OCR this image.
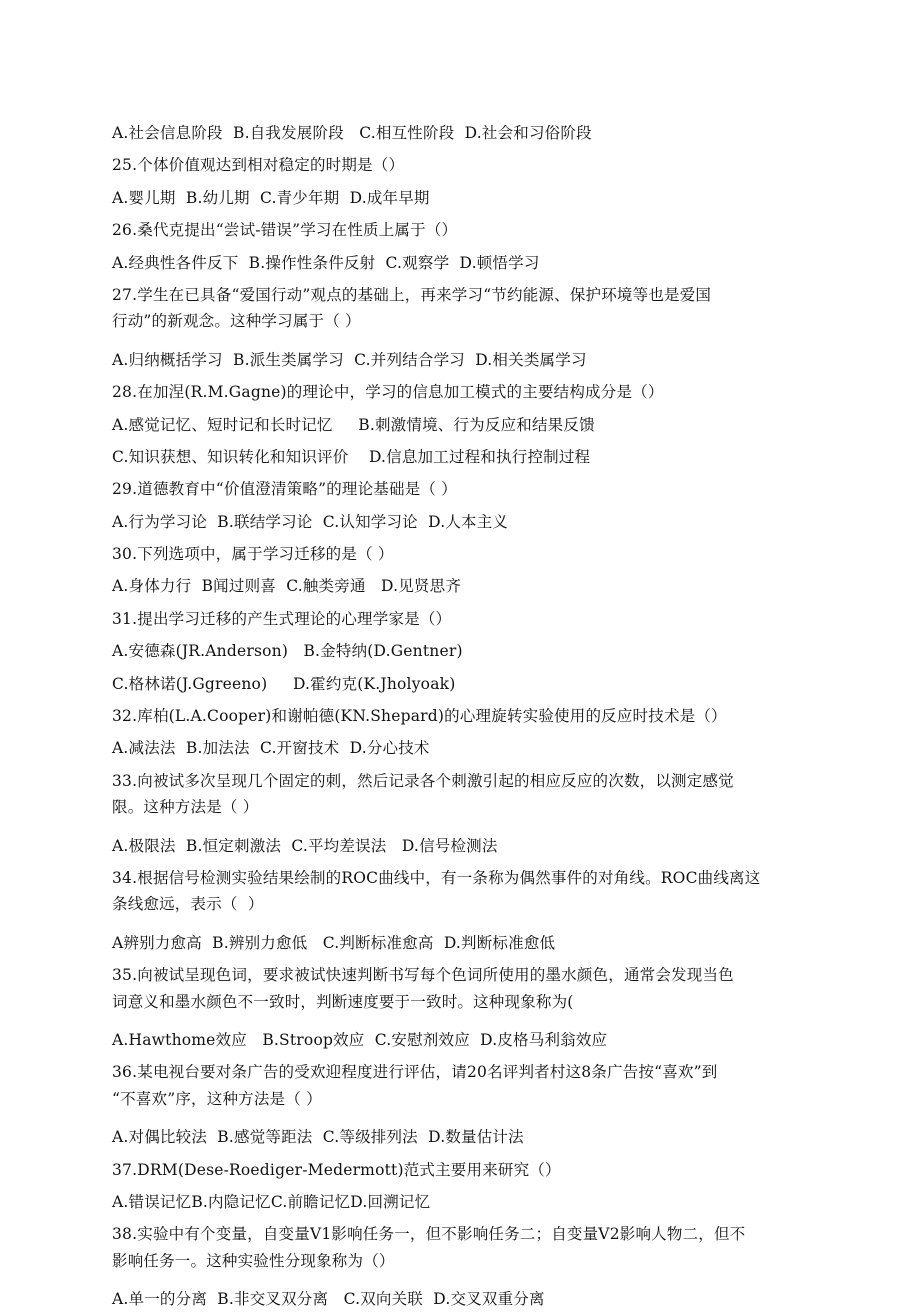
A.社会信息阶段  B.自我发展阶段   C.相互性阶段  D.社会和习俗阶段
25.个体价值观达到相对稳定的时期是（）
A.婴儿期  B.幼儿期  C.青少年期  D.成年早期
26.桑代克提出“尝试-错误”学习在性质上属于（）
A.经典性各件反下  B.操作性条件反射  C.观察学  D.顿悟学习
27.学生在已具备“爱国行动”观点的基础上，再来学习“节约能源、保护环境等也是爱国
行动”的新观念。这种学习属于（ ）
A.归纳概括学习  B.派生类属学习  C.并列结合学习  D.相关类属学习
28.在加涅(R.M.Gagne)的理论中，学习的信息加工模式的主要结构成分是（）
A.感觉记忆、短时记和长时记忆     B.刺激情境、行为反应和结果反馈
C.知识获想、知识转化和知识评价    D.信息加工过程和执行控制过程
29.道德教育中“价值澄清策略”的理论基础是（ ）
A.行为学习论  B.联结学习论  C.认知学习论  D.人本主义
30.下列选项中，属于学习迁移的是（ ）
A.身体力行  B闻过则喜  C.触类旁通   D.见贤思齐
31.提出学习迁移的产生式理论的心理学家是（）
A.安德森(JR.Anderson)   B.金特纳(D.Gentner)
C.格林诺(J.Ggreeno)     D.霍约克(K.Jholyoak)
32.库柏(L.A.Cooper)和谢帕德(KN.Shepard)的心理旋转实验使用的反应时技术是（）
A.减法法  B.加法法  C.开窗技术  D.分心技术
33.向被试多次呈现几个固定的刺，然后记录各个刺激引起的相应反应的次数，以测定感觉
限。这种方法是（ ）
A.极限法  B.恒定刺激法  C.平均差误法   D.信号检测法
34.根据信号检测实验结果绘制的ROC曲线中，有一条称为偶然事件的对角线。ROC曲线离这
条线愈远，表示（  ）
A辨别力愈高  B.辨别力愈低   C.判断标准愈高  D.判断标准愈低
35.向被试呈现色词，要求被试快速判断书写每个色词所使用的墨水颜色，通常会发现当色
词意义和墨水颜色不一致时，判断速度要于一致时。这种现象称为(
A.Hawthome效应   B.Stroop效应  C.安慰剂效应  D.皮格马利翁效应
36.某电视台要对条广告的受欢迎程度进行评估，请20名评判者村这8条广告按“喜欢”到
“不喜欢”序，这种方法是（ ）
A.对偶比较法  B.感觉等距法  C.等级排列法  D.数量估计法
37.DRM(Dese-Roediger-Medermott)范式主要用来研究（）
A.错误记忆B.内隐记忆C.前瞻记忆D.回溯记忆
38.实验中有个变量，自变量V1影响任务一，但不影响任务二；自变量V2影响人物二，但不
影响任务一。这种实验性分现象称为（）
A.单一的分离  B.非交叉双分离   C.双向关联  D.交叉双重分离
